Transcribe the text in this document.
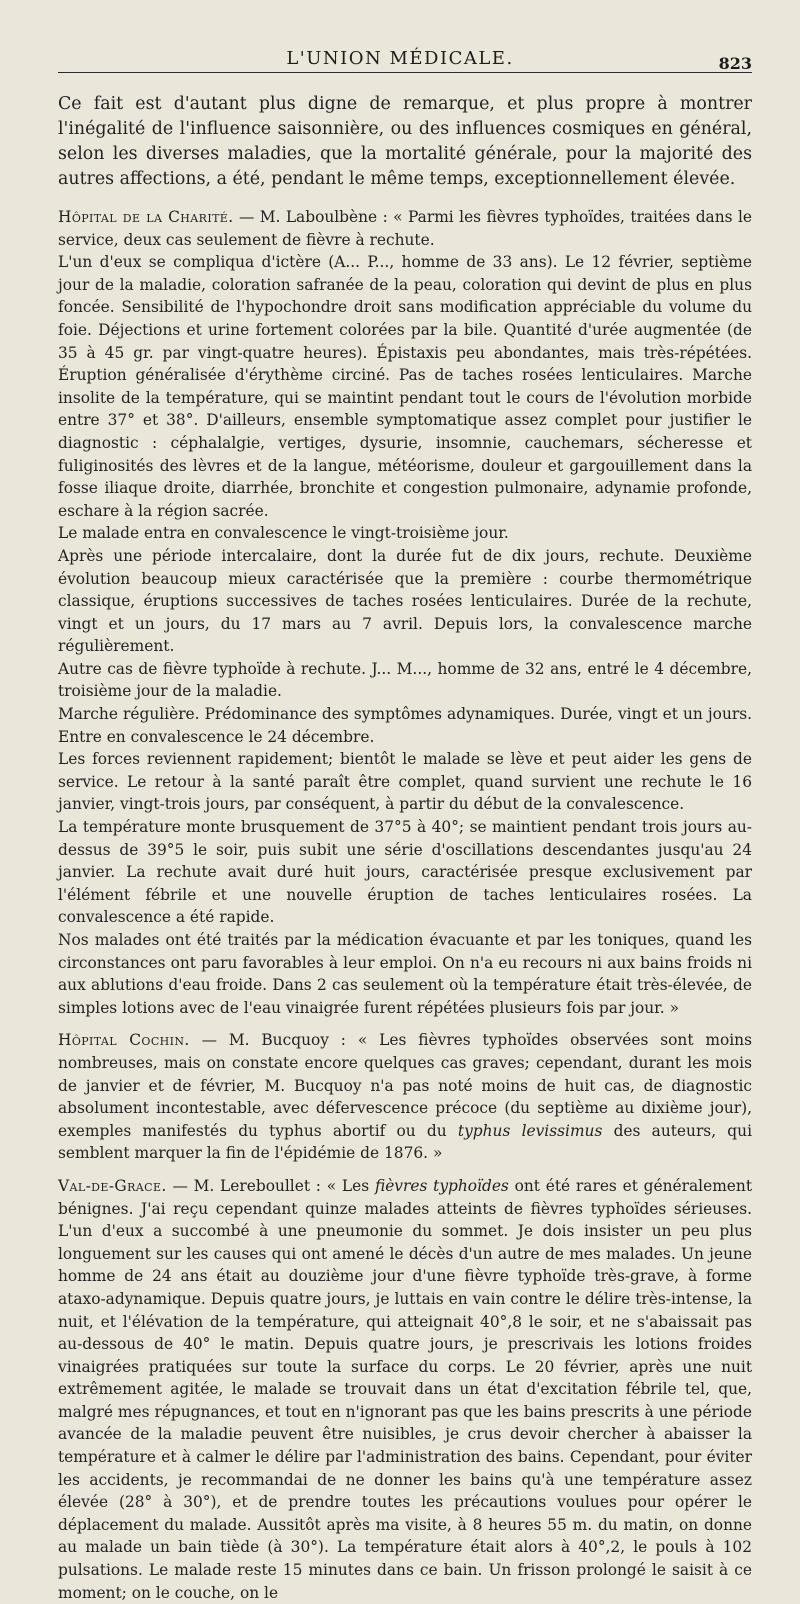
L'UNION MÉDICALE.	823

Ce fait est d'autant plus digne de remarque, et plus propre à montrer l'inégalité de l'influence saisonnière, ou des influences cosmiques en général, selon les diverses maladies, que la mortalité générale, pour la majorité des autres affections, a été, pendant le même temps, exceptionnellement élevée.

Hôpital de la Charité. — M. Laboulbène : « Parmi les fièvres typhoïdes, traitées dans le service, deux cas seulement de fièvre à rechute.

L'un d'eux se compliqua d'ictère (A... P..., homme de 33 ans). Le 12 février, septième jour de la maladie, coloration safranée de la peau, coloration qui devint de plus en plus foncée. Sensibilité de l'hypochondre droit sans modification appréciable du volume du foie. Déjections et urine fortement colorées par la bile. Quantité d'urée augmentée (de 35 à 45 gr. par vingt-quatre heures). Épistaxis peu abondantes, mais très-répétées. Éruption généralisée d'érythème circiné. Pas de taches rosées lenticulaires. Marche insolite de la température, qui se maintint pendant tout le cours de l'évolution morbide entre 37° et 38°. D'ailleurs, ensemble symptomatique assez complet pour justifier le diagnostic : céphalalgie, vertiges, dysurie, insomnie, cauchemars, sécheresse et fuliginosités des lèvres et de la langue, météorisme, douleur et gargouillement dans la fosse iliaque droite, diarrhée, bronchite et congestion pulmonaire, adynamie profonde, eschare à la région sacrée.

Le malade entra en convalescence le vingt-troisième jour.

Après une période intercalaire, dont la durée fut de dix jours, rechute. Deuxième évolution beaucoup mieux caractérisée que la première : courbe thermométrique classique, éruptions successives de taches rosées lenticulaires. Durée de la rechute, vingt et un jours, du 17 mars au 7 avril. Depuis lors, la convalescence marche régulièrement.

Autre cas de fièvre typhoïde à rechute. J... M..., homme de 32 ans, entré le 4 décembre, troisième jour de la maladie.

Marche régulière. Prédominance des symptômes adynamiques. Durée, vingt et un jours. Entre en convalescence le 24 décembre.

Les forces reviennent rapidement; bientôt le malade se lève et peut aider les gens de service. Le retour à la santé paraît être complet, quand survient une rechute le 16 janvier, vingt-trois jours, par conséquent, à partir du début de la convalescence.

La température monte brusquement de 37°5 à 40°; se maintient pendant trois jours au-dessus de 39°5 le soir, puis subit une série d'oscillations descendantes jusqu'au 24 janvier. La rechute avait duré huit jours, caractérisée presque exclusivement par l'élément fébrile et une nouvelle éruption de taches lenticulaires rosées. La convalescence a été rapide.

Nos malades ont été traités par la médication évacuante et par les toniques, quand les circonstances ont paru favorables à leur emploi. On n'a eu recours ni aux bains froids ni aux ablutions d'eau froide. Dans 2 cas seulement où la température était très-élevée, de simples lotions avec de l'eau vinaigrée furent répétées plusieurs fois par jour. »

Hôpital Cochin. — M. Bucquoy : « Les fièvres typhoïdes observées sont moins nombreuses, mais on constate encore quelques cas graves; cependant, durant les mois de janvier et de février, M. Bucquoy n'a pas noté moins de huit cas, de diagnostic absolument incontestable, avec défervescence précoce (du septième au dixième jour), exemples manifestés du typhus abortif ou du typhus levissimus des auteurs, qui semblent marquer la fin de l'épidémie de 1876. »

Val-de-Grace. — M. Lereboullet : « Les fièvres typhoïdes ont été rares et généralement bénignes. J'ai reçu cependant quinze malades atteints de fièvres typhoïdes sérieuses. L'un d'eux a succombé à une pneumonie du sommet. Je dois insister un peu plus longuement sur les causes qui ont amené le décès d'un autre de mes malades. Un jeune homme de 24 ans était au douzième jour d'une fièvre typhoïde très-grave, à forme ataxo-adynamique. Depuis quatre jours, je luttais en vain contre le délire très-intense, la nuit, et l'élévation de la température, qui atteignait 40°,8 le soir, et ne s'abaissait pas au-dessous de 40° le matin. Depuis quatre jours, je prescrivais les lotions froides vinaigrées pratiquées sur toute la surface du corps. Le 20 février, après une nuit extrêmement agitée, le malade se trouvait dans un état d'excitation fébrile tel, que, malgré mes répugnances, et tout en n'ignorant pas que les bains prescrits à une période avancée de la maladie peuvent être nuisibles, je crus devoir chercher à abaisser la température et à calmer le délire par l'administration des bains. Cependant, pour éviter les accidents, je recommandai de ne donner les bains qu'à une température assez élevée (28° à 30°), et de prendre toutes les précautions voulues pour opérer le déplacement du malade. Aussitôt après ma visite, à 8 heures 55 m. du matin, on donne au malade un bain tiède (à 30°). La température était alors à 40°,2, le pouls à 102 pulsations. Le malade reste 15 minutes dans ce bain. Un frisson prolongé le saisit à ce moment; on le couche, on le
